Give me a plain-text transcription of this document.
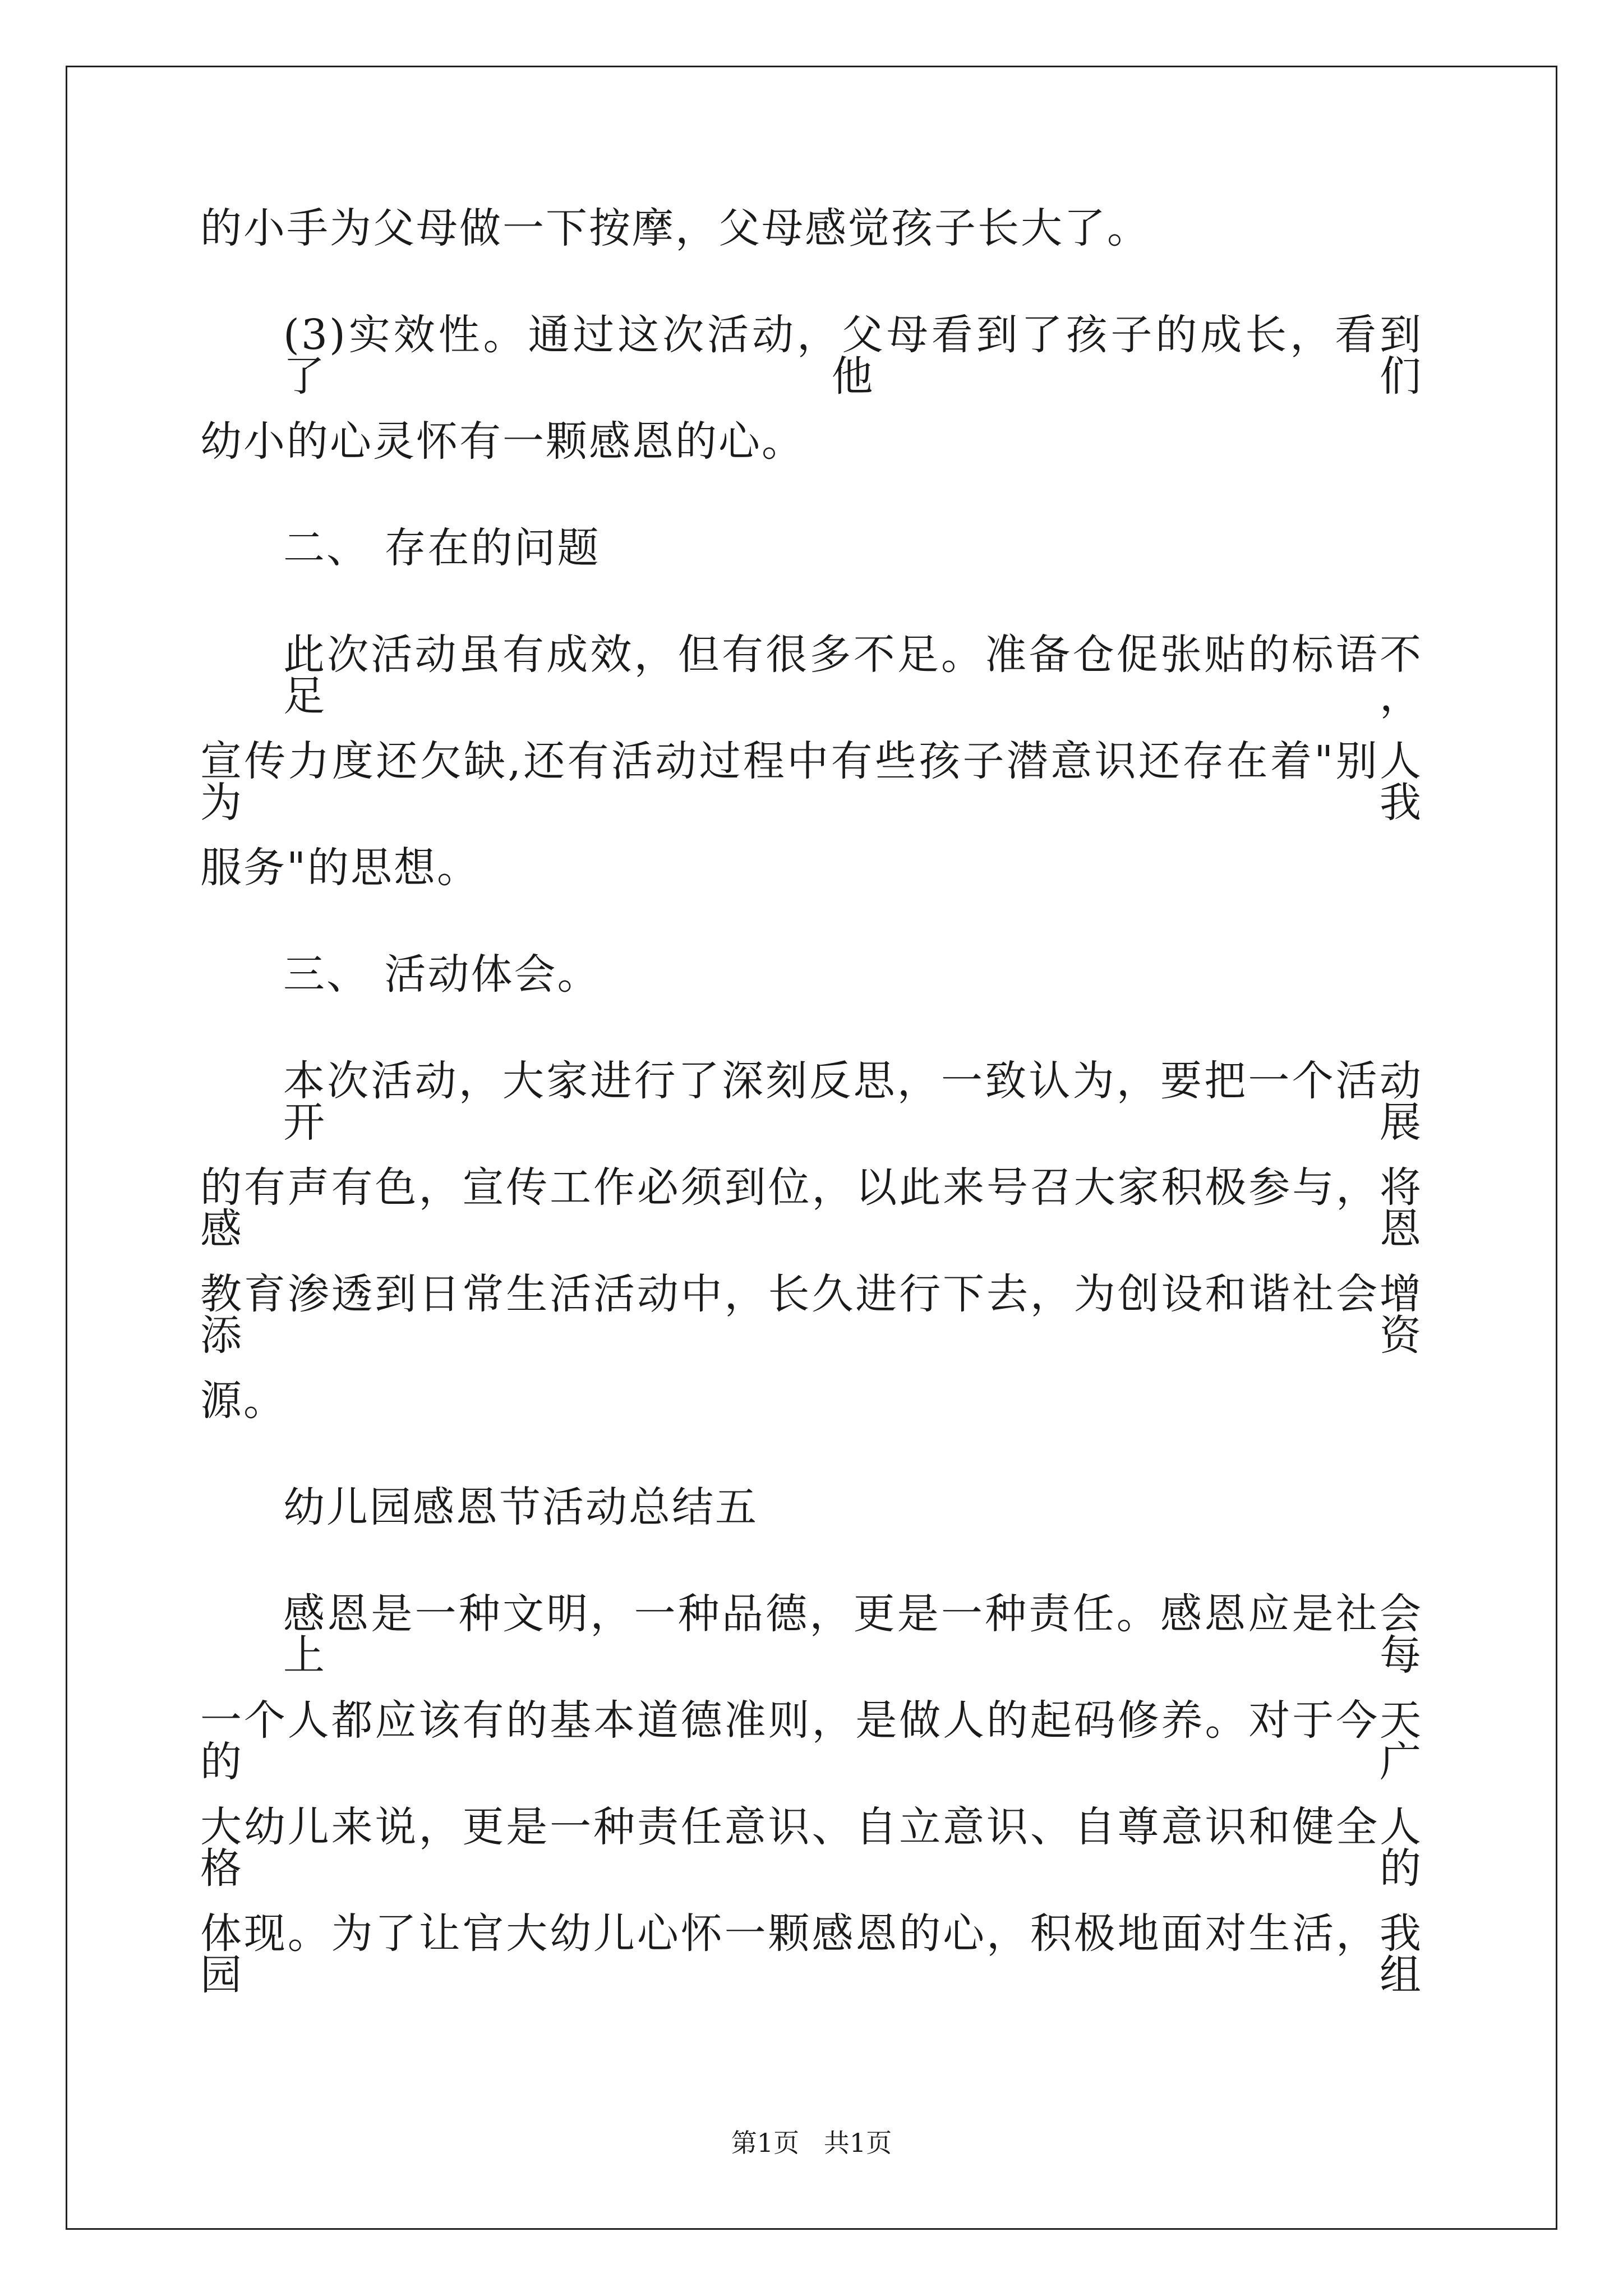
的小手为父母做一下按摩，父母感觉孩子长大了。
(3)实效性。通过这次活动，父母看到了孩子的成长，看到了他们
幼小的心灵怀有一颗感恩的心。
二、 存在的问题
此次活动虽有成效，但有很多不足。准备仓促张贴的标语不足，
宣传力度还欠缺,还有活动过程中有些孩子潜意识还存在着"别人为我
服务"的思想。
三、 活动体会。
本次活动，大家进行了深刻反思，一致认为，要把一个活动开展
的有声有色，宣传工作必须到位，以此来号召大家积极参与，将感恩
教育渗透到日常生活活动中，长久进行下去，为创设和谐社会增添资
源。
幼儿园感恩节活动总结五
感恩是一种文明，一种品德，更是一种责任。感恩应是社会上每
一个人都应该有的基本道德准则，是做人的起码修养。对于今天的广
大幼儿来说，更是一种责任意识、自立意识、自尊意识和健全人格的
体现。为了让官大幼儿心怀一颗感恩的心，积极地面对生活，我园组
第1页   共1页
